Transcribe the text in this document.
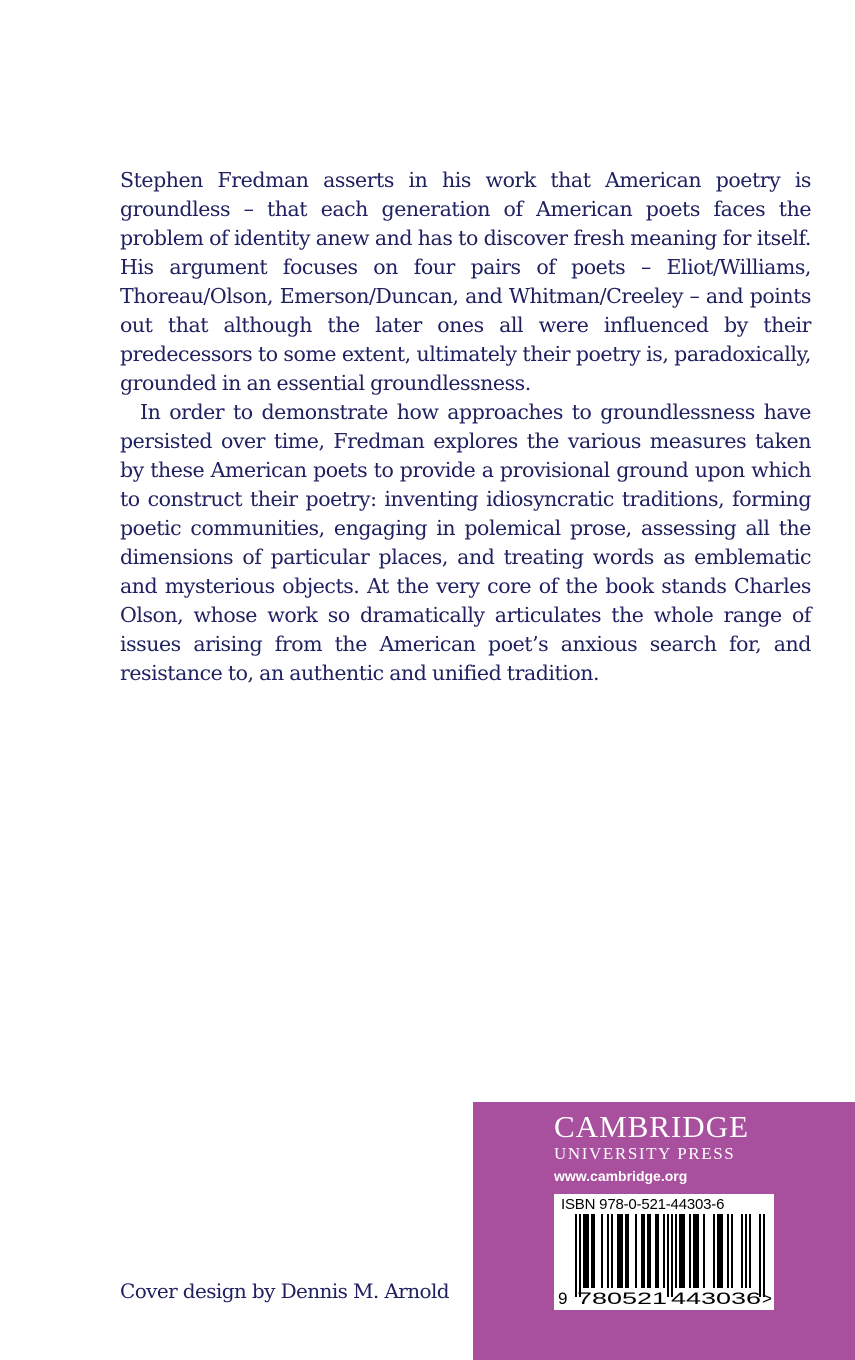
Stephen Fredman asserts in his work that American poetry is groundless – that each generation of American poets faces the problem of identity anew and has to discover fresh meaning for itself. His argument focuses on four pairs of poets – Eliot/Williams, Thoreau/Olson, Emerson/Duncan, and Whitman/Creeley – and points out that although the later ones all were influenced by their predecessors to some extent, ultimately their poetry is, paradoxically, grounded in an essential groundlessness.

In order to demonstrate how approaches to groundlessness have persisted over time, Fredman explores the various measures taken by these American poets to provide a provisional ground upon which to construct their poetry: inventing idiosyncratic traditions, forming poetic communities, engaging in polemical prose, assessing all the dimensions of particular places, and treating words as emblematic and mysterious objects. At the very core of the book stands Charles Olson, whose work so dramatically articulates the whole range of issues arising from the American poet’s anxious search for, and resistance to, an authentic and unified tradition.

Cover design by Dennis M. Arnold
CAMBRIDGE
UNIVERSITY PRESS
www.cambridge.org
9 780521 443036 >
ISBN 978-0-521-44303-6
